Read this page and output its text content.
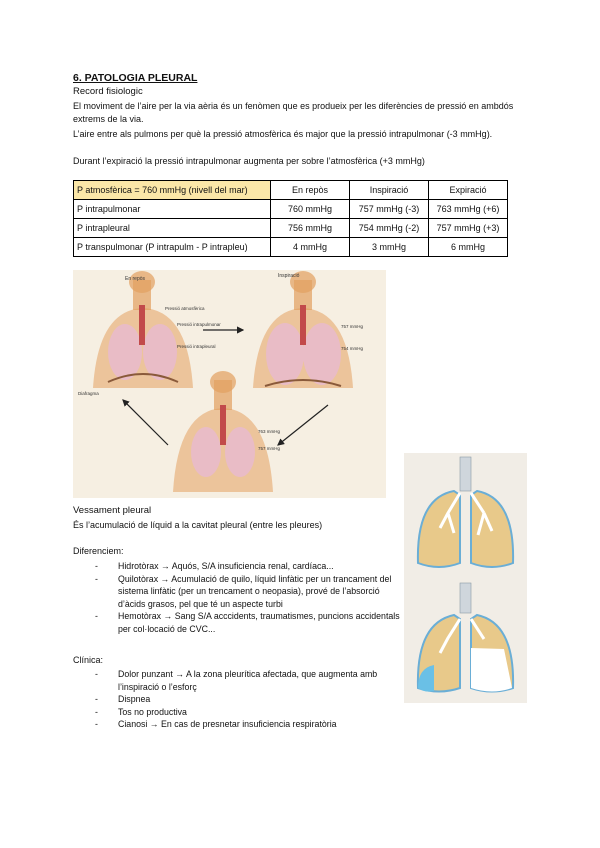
6. PATOLOGIA PLEURAL
Record fisiologic
El moviment de l’aire per la via aèria és un fenòmen que es produeix per les diferències de pressió en ambdós extrems de la via.
L’aire entre als pulmons per què la pressió atmosfèrica és major que la pressió intrapulmonar (-3 mmHg).
Durant l’expiració la pressió intrapulmonar augmenta per sobre l’atmosfèrica (+3 mmHg)
P atmosfèrica = 760 mmHg (nivell del mar)	En repòs	Inspiració	Expiració
P intrapulmonar	760 mmHg	757 mmHg (-3)	763 mmHg (+6)
P intrapleural	756 mmHg	754 mmHg (-2)	757 mmHg (+3)
P transpulmonar (P intrapulm - P intrapleu)	4 mmHg	3 mmHg	6 mmHg
En repòs	Inspiració
Pressió atmosfèrica
Pressió intrapulmonar
Pressió intrapleural
Diafragma
757 mmHg
754 mmHg
763 mmHg
757 mmHg
Vessament pleural
És l’acumulació de líquid a la cavitat pleural (entre les pleures)
Diferenciem:
- Hidrotòrax → Aquós, S/A insuficiencia renal, cardíaca...
- Quilotòrax → Acumulació de quilo, líquid linfàtic per un trancament del sistema linfàtic (per un trencament o neopasia), prové de l’absorció d’àcids grasos, pel que té un aspecte turbi
- Hemotòrax → Sang S/A acccidents, traumatismes, puncions accidentals per col·locació de CVC...
Clínica:
- Dolor punzant → A la zona pleurítica afectada, que augmenta amb l’inspiració o l’esforç
- Dispnea
- Tos no productiva
- Cianosi → En cas de presnetar insuficiencia respiratòria
